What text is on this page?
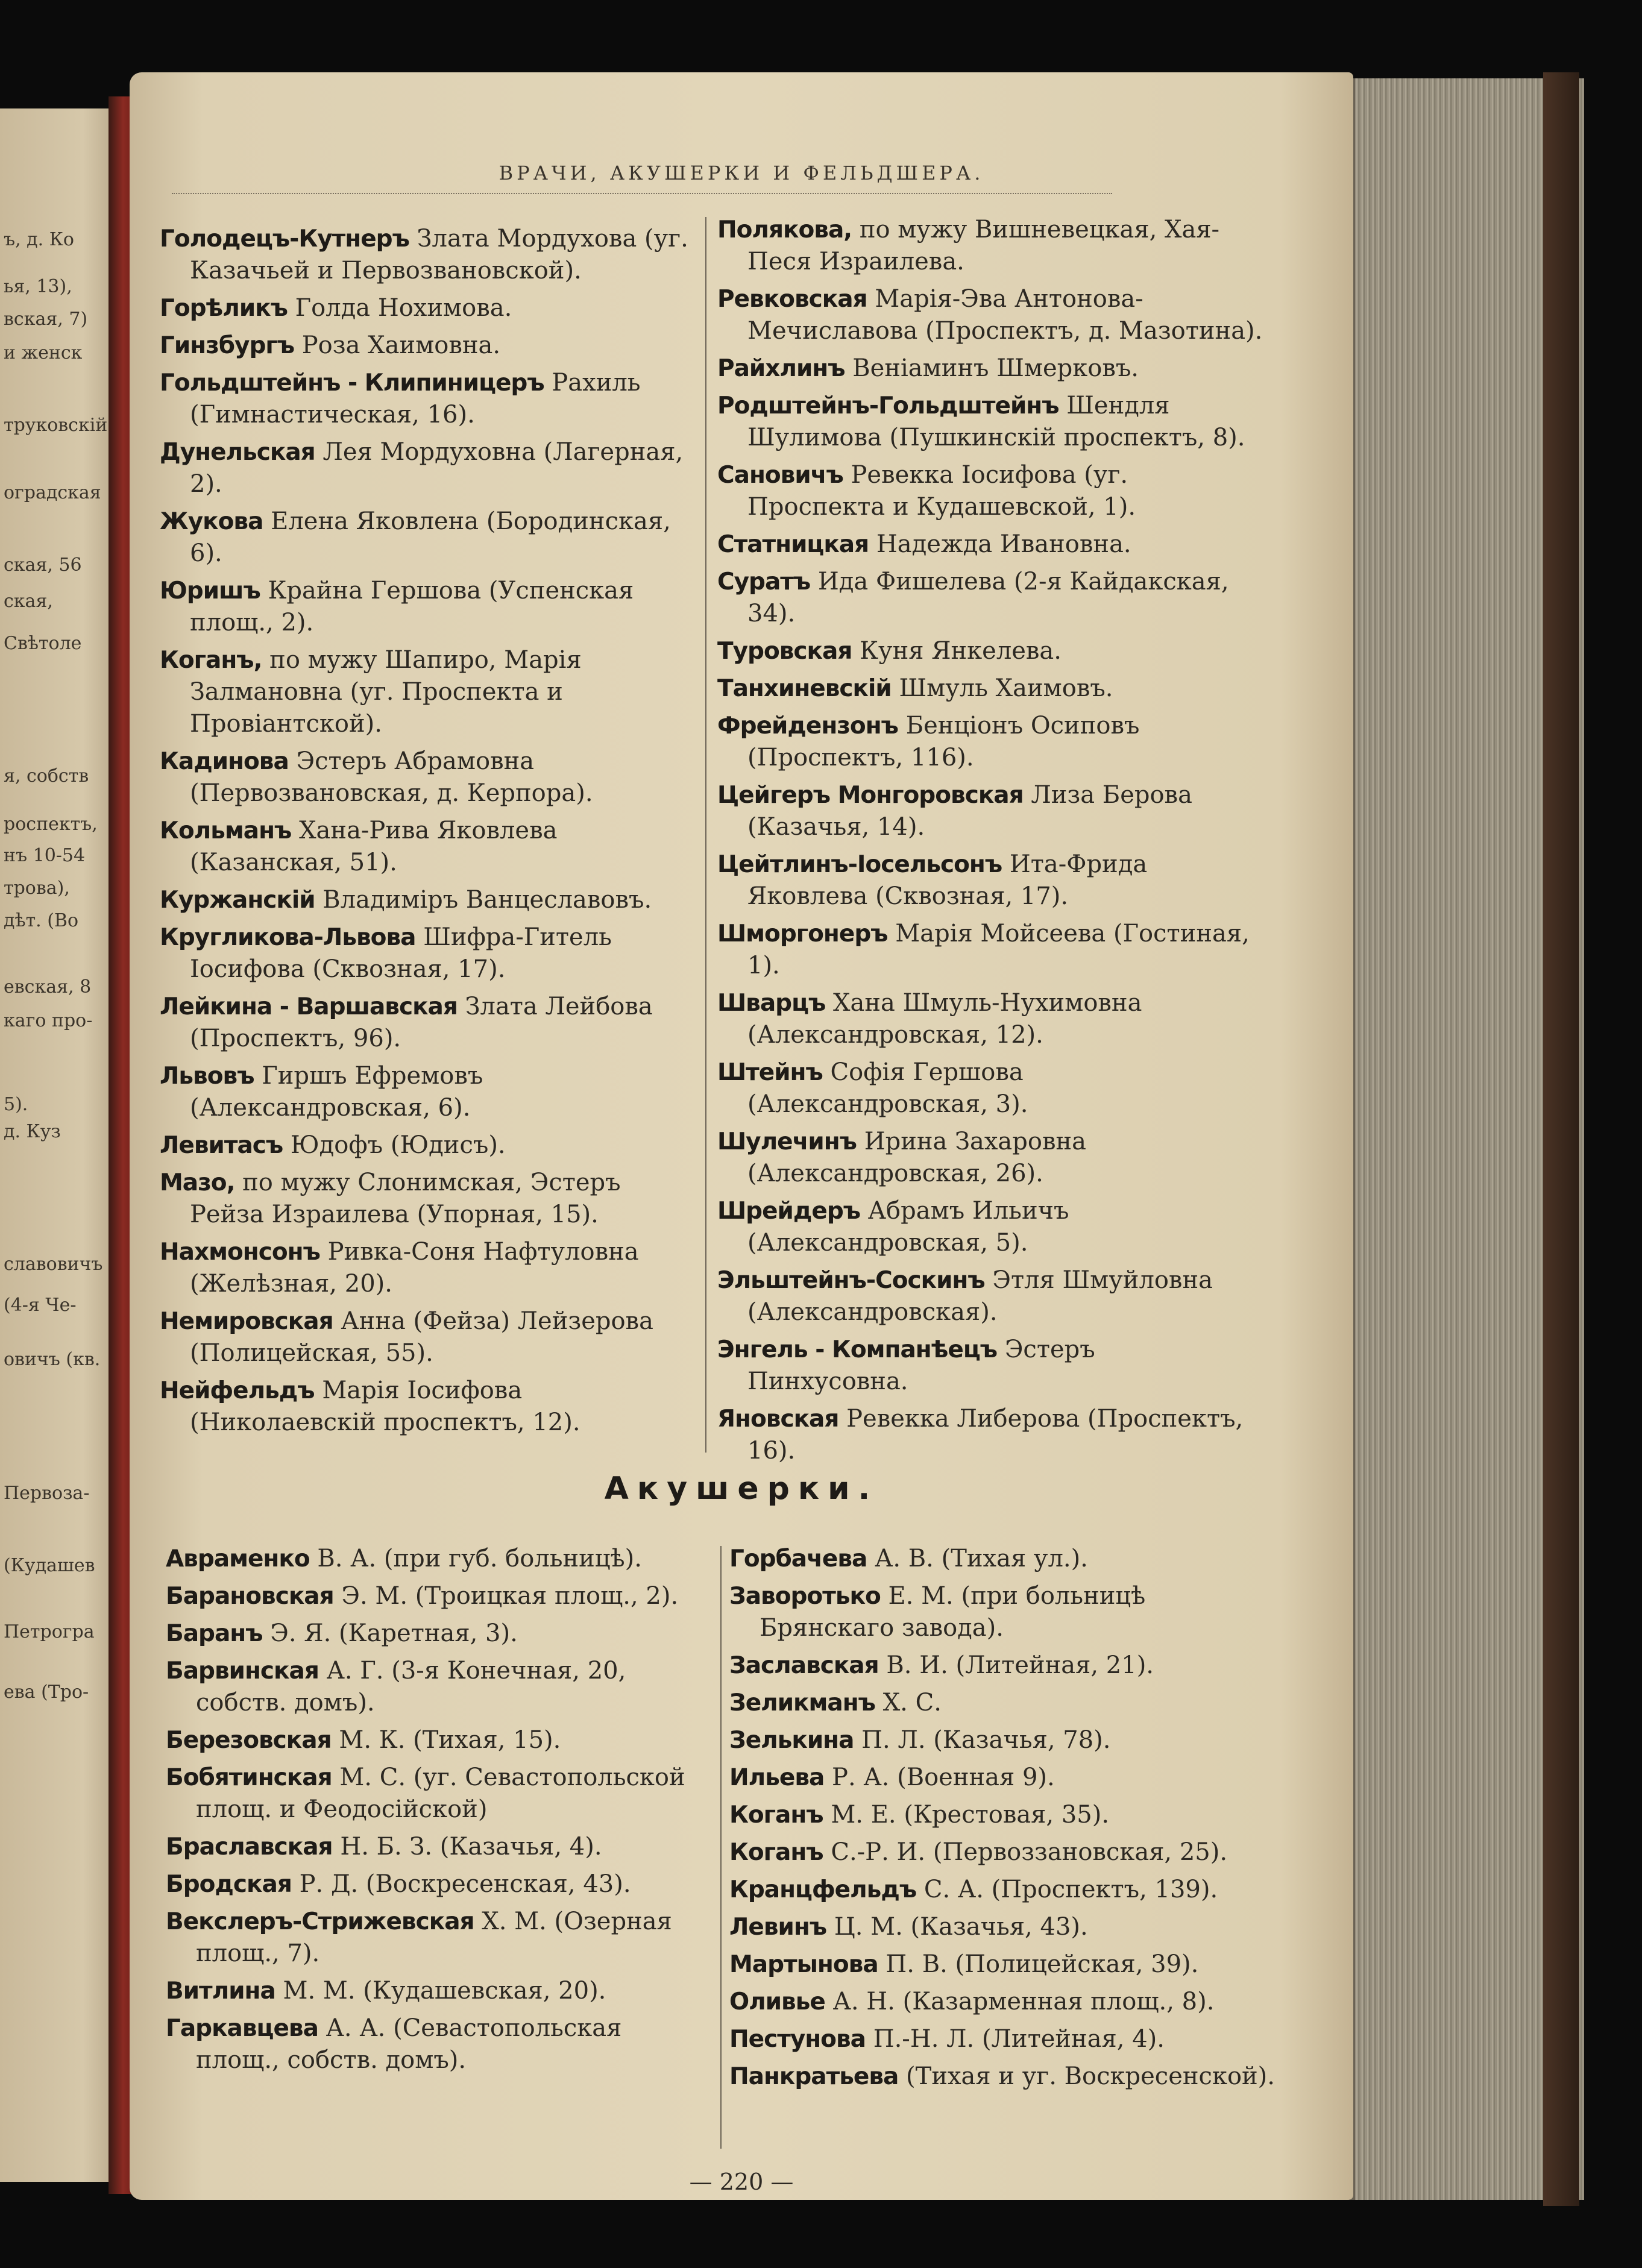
ъ, д. Ко
ья, 13),
вская, 7)
и женск
труковскій
оградская
ская, 56
ская,
Свѣтоле
я, собств
роспектъ,
нъ 10-54
трова),
дѣт. (Во
евская, 8
каго про-
5).
д. Куз
славовичъ
(4-я Че-
овичъ (кв.
Первоза-
(Кудашев
Петрогра
ева (Тро-
ВРАЧИ, АКУШЕРКИ И ФЕЛЬДШЕРА.
Голодецъ-Кутнеръ Злата Мордухова (уг. Казачьей и Первозвановской).
Горѣликъ Голда Нохимова.
Гинзбургъ Роза Хаимовна.
Гольдштейнъ - Клипиницеръ Рахиль (Гимнастическая, 16).
Дунельская Лея Мордуховна (Лагерная, 2).
Жукова Елена Яковлена (Бородинская, 6).
Юришъ Крайна Гершова (Успенская площ., 2).
Коганъ, по мужу Шапиро, Марія Залмановна (уг. Проспекта и Провіантской).
Кадинова Эстеръ Абрамовна (Первозвановская, д. Керпора).
Кольманъ Хана-Рива Яковлева (Казанская, 51).
Куржанскій Владиміръ Ванцеславовъ.
Кругликова-Львова Шифра-Гитель Іосифова (Сквозная, 17).
Лейкина - Варшавская Злата Лейбова (Проспектъ, 96).
Львовъ Гиршъ Ефремовъ (Александровская, 6).
Левитасъ Юдофъ (Юдисъ).
Мазо, по мужу Слонимская, Эстеръ Рейза Израилева (Упорная, 15).
Нахмонсонъ Ривка-Соня Нафтуловна (Желѣзная, 20).
Немировская Анна (Фейза) Лейзерова (Полицейская, 55).
Нейфельдъ Марія Іосифова (Николаевскій проспектъ, 12).
Полякова, по мужу Вишневецкая, Хая-Песя Израилева.
Ревковская Марія-Эва Антонова-Мечиславова (Проспектъ, д. Мазотина).
Райхлинъ Веніаминъ Шмерковъ.
Родштейнъ-Гольдштейнъ Шендля Шулимова (Пушкинскій проспектъ, 8).
Сановичъ Ревекка Іосифова (уг. Проспекта и Кудашевской, 1).
Статницкая Надежда Ивановна.
Суратъ Ида Фишелева (2-я Кайдакская, 34).
Туровская Куня Янкелева.
Танхиневскій Шмуль Хаимовъ.
Фрейдензонъ Бенціонъ Осиповъ (Проспектъ, 116).
Цейгеръ Монгоровская Лиза Берова (Казачья, 14).
Цейтлинъ-Іосельсонъ Ита-Фрида Яковлева (Сквозная, 17).
Шморгонеръ Марія Мойсеева (Гостиная, 1).
Шварцъ Хана Шмуль-Нухимовна (Александровская, 12).
Штейнъ Софія Гершова (Александровская, 3).
Шулечинъ Ирина Захаровна (Александровская, 26).
Шрейдеръ Абрамъ Ильичъ (Александровская, 5).
Эльштейнъ-Соскинъ Этля Шмуйловна (Александровская).
Энгель - Компанѣецъ Эстеръ Пинхусовна.
Яновская Ревекка Либерова (Проспектъ, 16).
Акушерки.
Авраменко В. А. (при губ. больницѣ).
Барановская Э. М. (Троицкая площ., 2).
Баранъ Э. Я. (Каретная, 3).
Барвинская А. Г. (3-я Конечная, 20, собств. домъ).
Березовская М. К. (Тихая, 15).
Бобятинская М. С. (уг. Севастопольской площ. и Феодосійской)
Браславская Н. Б. З. (Казачья, 4).
Бродская Р. Д. (Воскресенская, 43).
Векслеръ-Стрижевская Х. М. (Озерная площ., 7).
Витлина М. М. (Кудашевская, 20).
Гаркавцева А. А. (Севастопольская площ., собств. домъ).
Горбачева А. В. (Тихая ул.).
Заворотько Е. М. (при больницѣ Брянскаго завода).
Заславская В. И. (Литейная, 21).
Зеликманъ Х. С.
Зелькина П. Л. (Казачья, 78).
Ильева Р. А. (Военная 9).
Коганъ М. Е. (Крестовая, 35).
Коганъ С.-Р. И. (Первоззановская, 25).
Кранцфельдъ С. А. (Проспектъ, 139).
Левинъ Ц. М. (Казачья, 43).
Мартынова П. В. (Полицейская, 39).
Оливье А. Н. (Казарменная площ., 8).
Пестунова П.-Н. Л. (Литейная, 4).
Панкратьева (Тихая и уг. Воскресенской).
— 220 —
